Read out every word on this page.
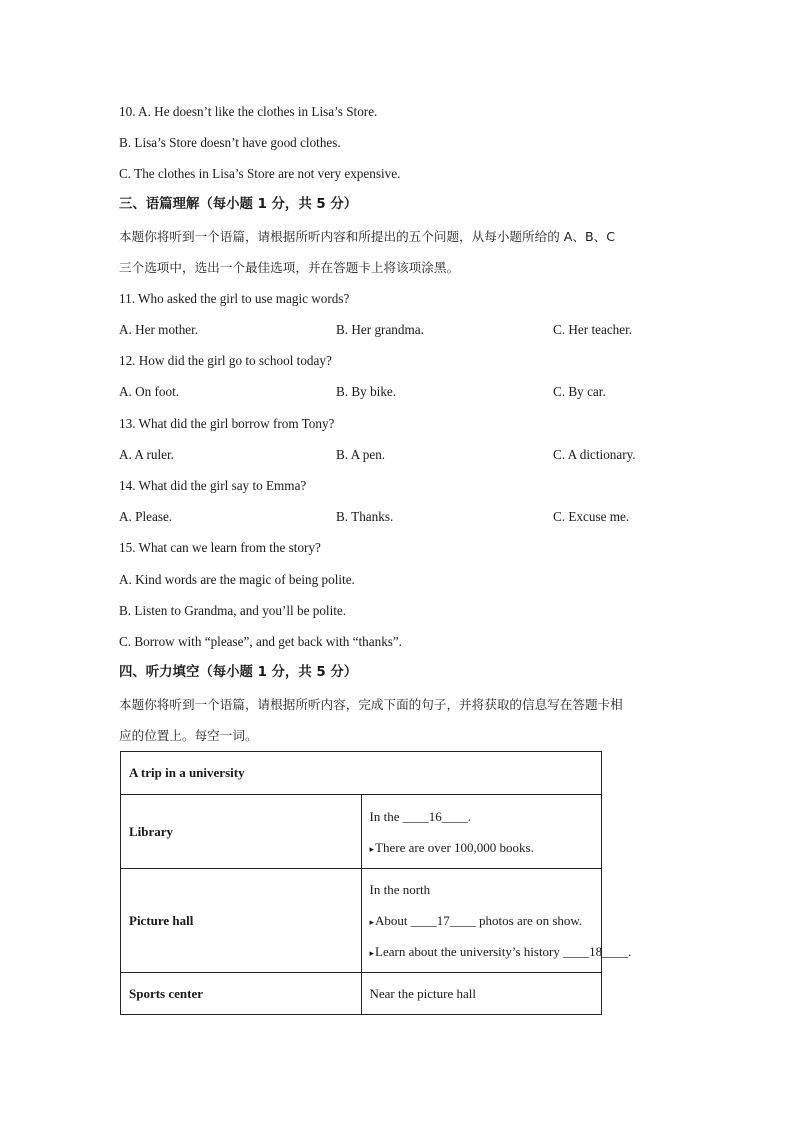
10. A. He doesn’t like the clothes in Lisa’s Store.
B. Lisa’s Store doesn’t have good clothes.
C. The clothes in Lisa’s Store are not very expensive.
三、语篇理解（每小题 1 分，共 5 分）
本题你将听到一个语篇，请根据所听内容和所提出的五个问题，从每小题所给的 A、B、C
三个选项中，选出一个最佳选项，并在答题卡上将该项涂黑。
11. Who asked the girl to use magic words?
A. Her mother.	B. Her grandma.	C. Her teacher.
12. How did the girl go to school today?
A. On foot.	B. By bike.	C. By car.
13. What did the girl borrow from Tony?
A. A ruler.	B. A pen.	C. A dictionary.
14. What did the girl say to Emma?
A. Please.	B. Thanks.	C. Excuse me.
15. What can we learn from the story?
A. Kind words are the magic of being polite.
B. Listen to Grandma, and you’ll be polite.
C. Borrow with “please”, and get back with “thanks”.
四、听力填空（每小题 1 分，共 5 分）
本题你将听到一个语篇，请根据所听内容，完成下面的句子，并将获取的信息写在答题卡相
应的位置上。每空一词。
A trip in a university	
Library	In the ____16____.
▸There are over 100,000 books.

Picture hall	In the north
▸About ____17____ photos are on show.
▸Learn about the university’s history ____18____.

Sports center	Near the picture hall
